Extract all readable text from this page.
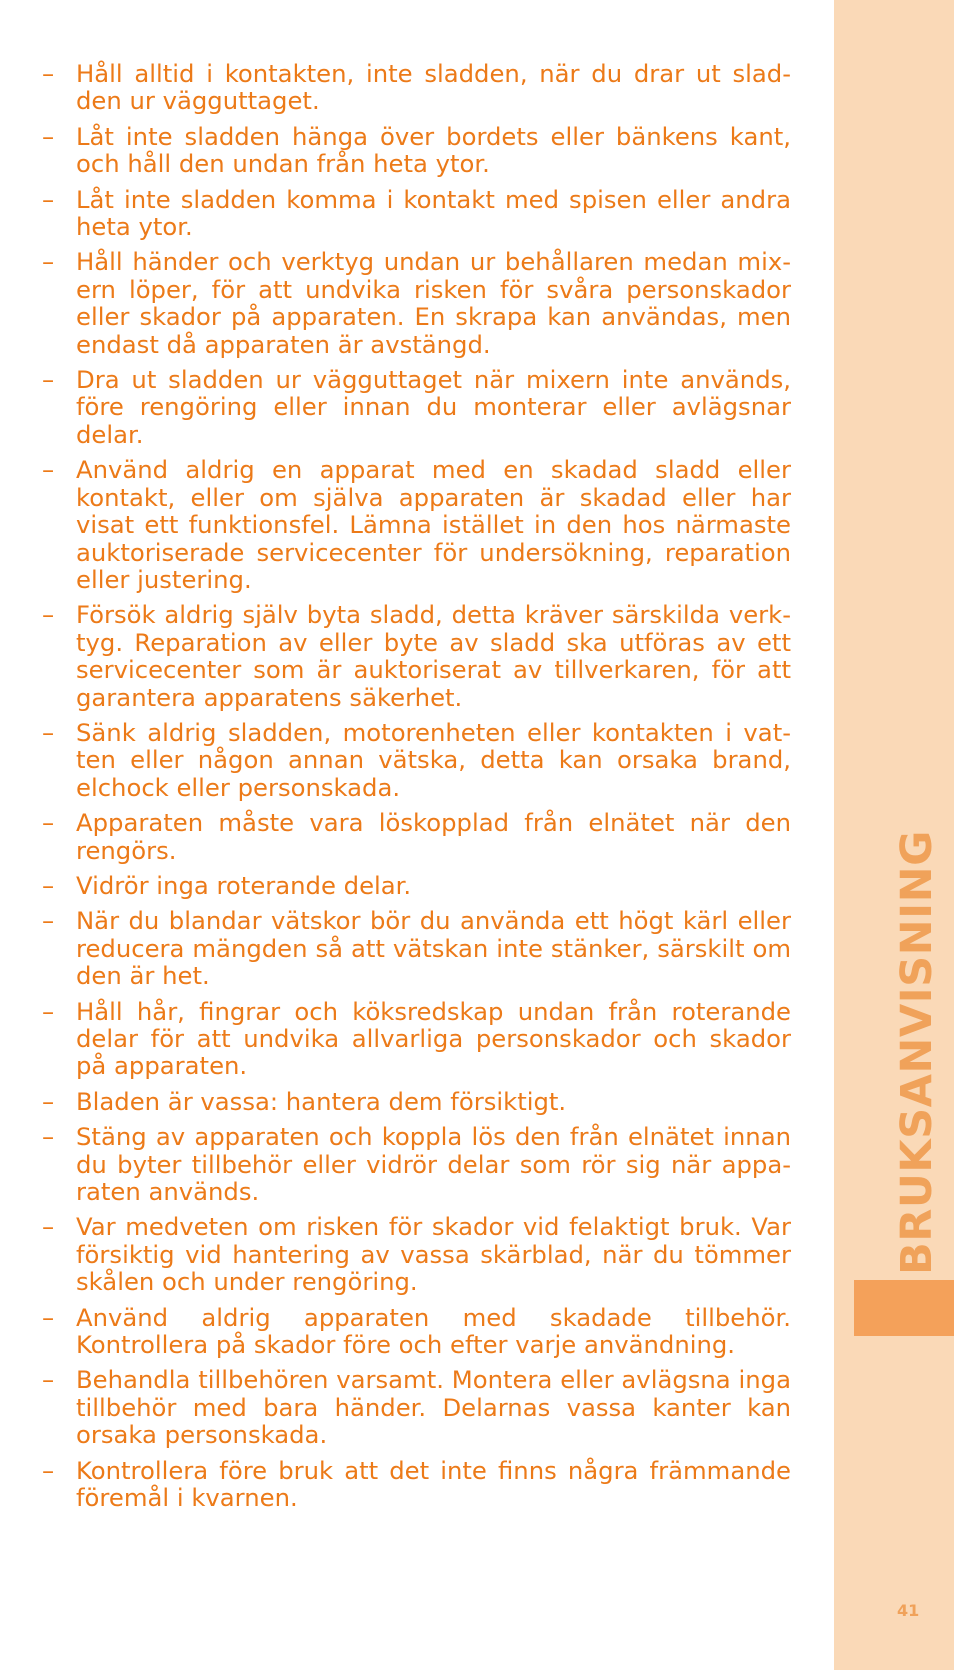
– Håll alltid i kontakten, inte sladden, när du drar ut slad-den ur vägguttaget.
– Låt inte sladden hänga över bordets eller bänkens kant, och håll den undan från heta ytor.
– Låt inte sladden komma i kontakt med spisen eller andra heta ytor.
– Håll händer och verktyg undan ur behållaren medan mix-ern löper, för att undvika risken för svåra personskador eller skador på apparaten. En skrapa kan användas, men endast då apparaten är avstängd.
– Dra ut sladden ur vägguttaget när mixern inte används, före rengöring eller innan du monterar eller avlägsnar delar.
– Använd aldrig en apparat med en skadad sladd eller kontakt, eller om själva apparaten är skadad eller har visat ett funktionsfel. Lämna istället in den hos närmaste auktoriserade servicecenter för undersökning, reparation eller justering.
– Försök aldrig själv byta sladd, detta kräver särskilda verk-tyg. Reparation av eller byte av sladd ska utföras av ett servicecenter som är auktoriserat av tillverkaren, för att garantera apparatens säkerhet.
– Sänk aldrig sladden, motorenheten eller kontakten i vat-ten eller någon annan vätska, detta kan orsaka brand, elchock eller personskada.
– Apparaten måste vara löskopplad från elnätet när den rengörs.
– Vidrör inga roterande delar.
– När du blandar vätskor bör du använda ett högt kärl eller reducera mängden så att vätskan inte stänker, särskilt om den är het.
– Håll hår, fingrar och köksredskap undan från roterande delar för att undvika allvarliga personskador och skador på apparaten.
– Bladen är vassa: hantera dem försiktigt.
– Stäng av apparaten och koppla lös den från elnätet innan du byter tillbehör eller vidrör delar som rör sig när appa-raten används.
– Var medveten om risken för skador vid felaktigt bruk. Var försiktig vid hantering av vassa skärblad, när du tömmer skålen och under rengöring.
– Använd aldrig apparaten med skadade tillbehör. Kontrollera på skador före och efter varje användning.
– Behandla tillbehören varsamt. Montera eller avlägsna inga tillbehör med bara händer. Delarnas vassa kanter kan orsaka personskada.
– Kontrollera före bruk att det inte finns några främmande föremål i kvarnen.
BRUKSANVISNING
41
